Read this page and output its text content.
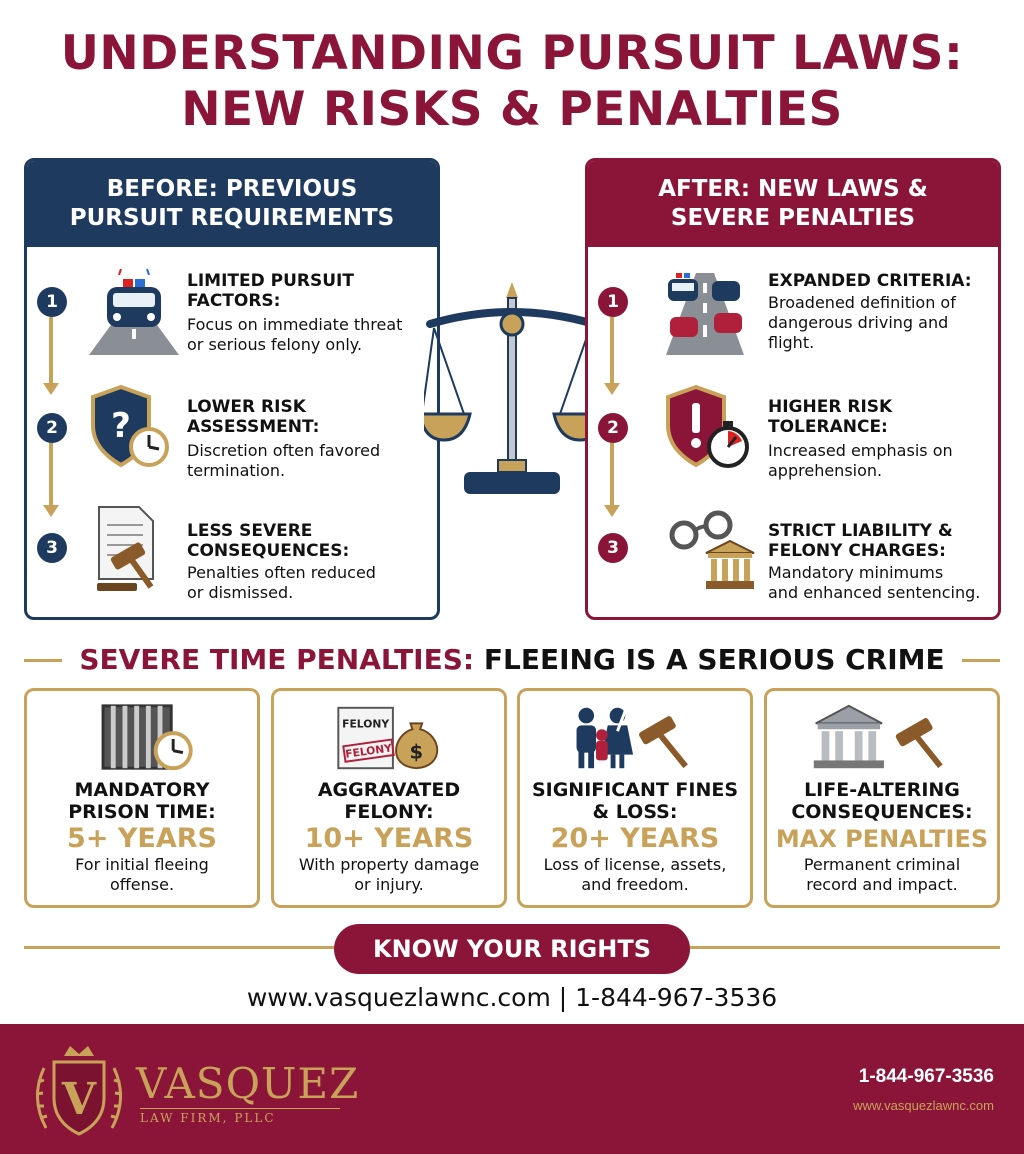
UNDERSTANDING PURSUIT LAWS:
NEW RISKS & PENALTIES
BEFORE: PREVIOUS
PURSUIT REQUIREMENTS
1
LIMITED PURSUIT
FACTORS:
Focus on immediate threat
or serious felony only.
2 ?	LOWER RISK
ASSESSMENT:
Discretion often favored
termination.
3
LESS SEVERE
CONSEQUENCES:
Penalties often reduced
or dismissed.
AFTER: NEW LAWS &
SEVERE PENALTIES
1
EXPANDED CRITERIA:
Broadened definition of
dangerous driving and
flight.
2
HIGHER RISK
TOLERANCE:
Increased emphasis on
apprehension.
3
STRICT LIABILITY &
FELONY CHARGES:
Mandatory minimums
and enhanced sentencing.
SEVERE TIME PENALTIES: FLEEING IS A SERIOUS CRIME
MANDATORY
PRISON TIME:
5+ YEARS
For initial fleeing
offense.
FELONY
FELONY $
AGGRAVATED
FELONY:
10+ YEARS
With property damage
or injury.
SIGNIFICANT FINES
& LOSS:
20+ YEARS
Loss of license, assets,
and freedom.
LIFE-ALTERING
CONSEQUENCES:
MAX PENALTIES
Permanent criminal
record and impact.
KNOW YOUR RIGHTS
www.vasquezlawnc.com | 1-844-967-3536
V VASQUEZ
LAW FIRM, PLLC
1-844-967-3536
www.vasquezlawnc.com
